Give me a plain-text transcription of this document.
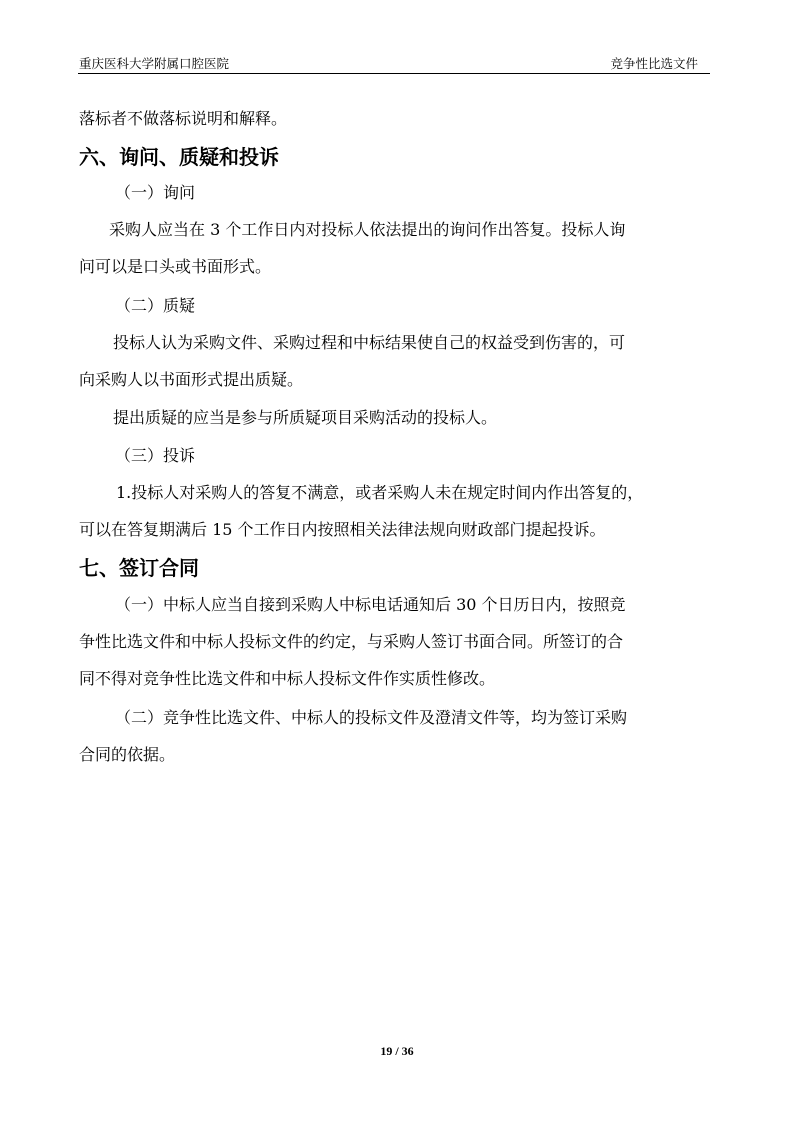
重庆医科大学附属口腔医院	竞争性比选文件
落标者不做落标说明和解释。
六、询问、质疑和投诉
（一）询问
采购人应当在 3 个工作日内对投标人依法提出的询问作出答复。投标人询
问可以是口头或书面形式。
（二）质疑
投标人认为采购文件、采购过程和中标结果使自己的权益受到伤害的，可
向采购人以书面形式提出质疑。
提出质疑的应当是参与所质疑项目采购活动的投标人。
（三）投诉
1.投标人对采购人的答复不满意，或者采购人未在规定时间内作出答复的，
可以在答复期满后 15 个工作日内按照相关法律法规向财政部门提起投诉。
七、签订合同
（一）中标人应当自接到采购人中标电话通知后 30 个日历日内，按照竞
争性比选文件和中标人投标文件的约定，与采购人签订书面合同。所签订的合
同不得对竞争性比选文件和中标人投标文件作实质性修改。
（二）竞争性比选文件、中标人的投标文件及澄清文件等，均为签订采购
合同的依据。
19 / 36
